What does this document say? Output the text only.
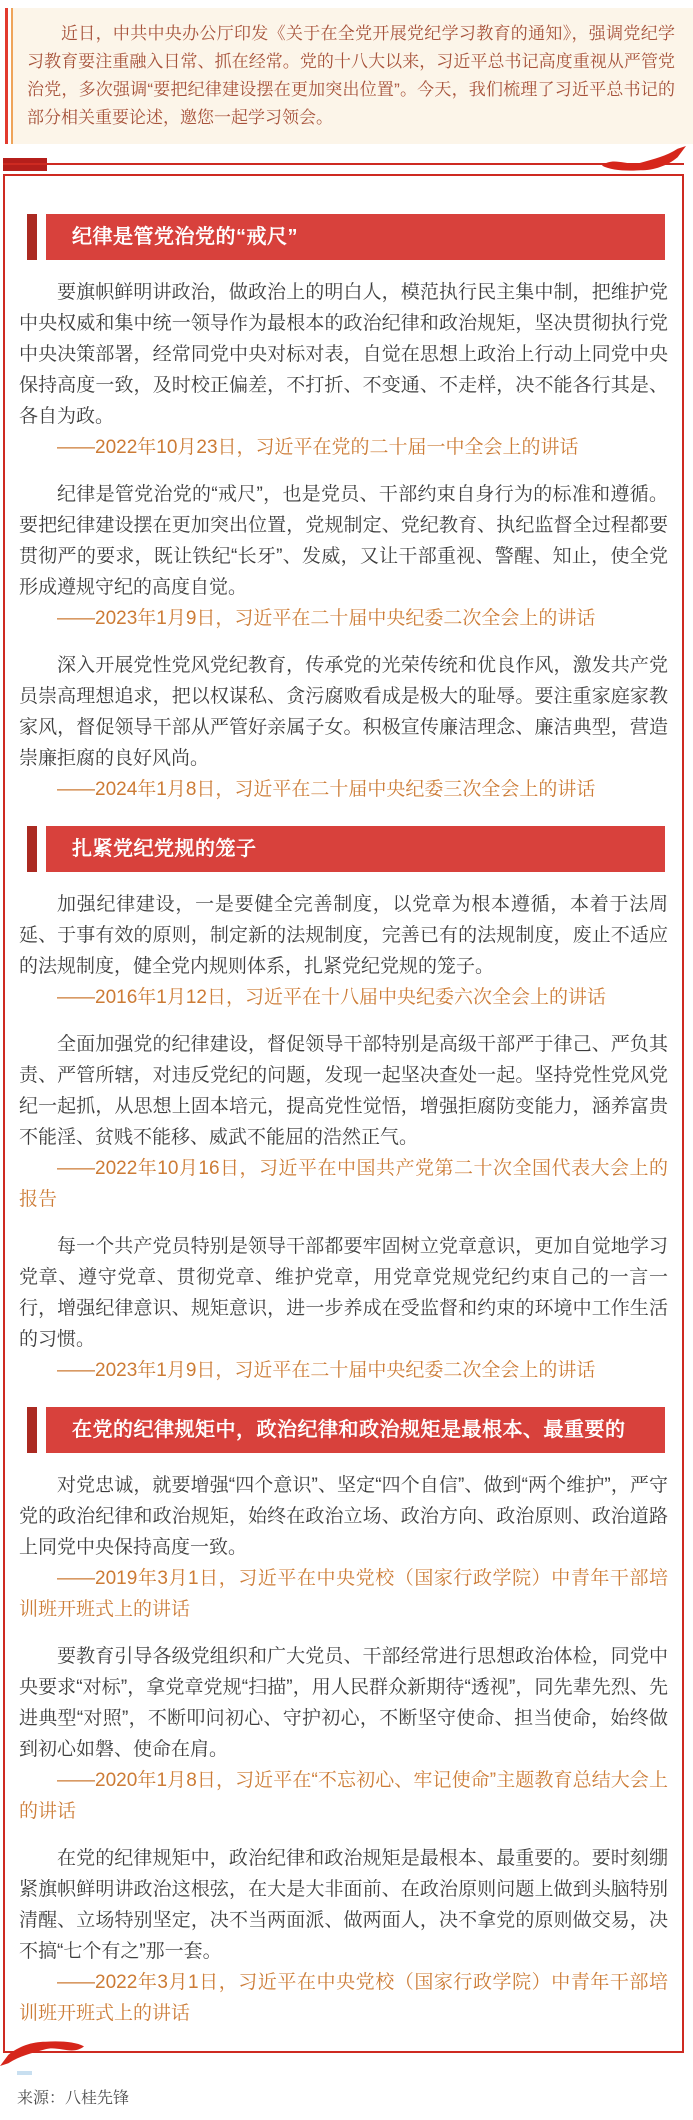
近日，中共中央办公厅印发《关于在全党开展党纪学习教育的通知》，强调党纪学习教育要注重融入日常、抓在经常。党的十八大以来，习近平总书记高度重视从严管党治党，多次强调“要把纪律建设摆在更加突出位置”。今天，我们梳理了习近平总书记的部分相关重要论述，邀您一起学习领会。

纪律是管党治党的“戒尺”

要旗帜鲜明讲政治，做政治上的明白人，模范执行民主集中制，把维护党中央权威和集中统一领导作为最根本的政治纪律和政治规矩，坚决贯彻执行党中央决策部署，经常同党中央对标对表，自觉在思想上政治上行动上同党中央保持高度一致，及时校正偏差，不打折、不变通、不走样，决不能各行其是、各自为政。

——2022年10月23日，习近平在党的二十届一中全会上的讲话

纪律是管党治党的“戒尺”，也是党员、干部约束自身行为的标准和遵循。要把纪律建设摆在更加突出位置，党规制定、党纪教育、执纪监督全过程都要贯彻严的要求，既让铁纪“长牙”、发威，又让干部重视、警醒、知止，使全党形成遵规守纪的高度自觉。

——2023年1月9日，习近平在二十届中央纪委二次全会上的讲话

深入开展党性党风党纪教育，传承党的光荣传统和优良作风，激发共产党员崇高理想追求，把以权谋私、贪污腐败看成是极大的耻辱。要注重家庭家教家风，督促领导干部从严管好亲属子女。积极宣传廉洁理念、廉洁典型，营造崇廉拒腐的良好风尚。

——2024年1月8日，习近平在二十届中央纪委三次全会上的讲话

扎紧党纪党规的笼子

加强纪律建设，一是要健全完善制度，以党章为根本遵循，本着于法周延、于事有效的原则，制定新的法规制度，完善已有的法规制度，废止不适应的法规制度，健全党内规则体系，扎紧党纪党规的笼子。

——2016年1月12日，习近平在十八届中央纪委六次全会上的讲话

全面加强党的纪律建设，督促领导干部特别是高级干部严于律己、严负其责、严管所辖，对违反党纪的问题，发现一起坚决查处一起。坚持党性党风党纪一起抓，从思想上固本培元，提高党性觉悟，增强拒腐防变能力，涵养富贵不能淫、贫贱不能移、威武不能屈的浩然正气。

——2022年10月16日，习近平在中国共产党第二十次全国代表大会上的报告

每一个共产党员特别是领导干部都要牢固树立党章意识，更加自觉地学习党章、遵守党章、贯彻党章、维护党章，用党章党规党纪约束自己的一言一行，增强纪律意识、规矩意识，进一步养成在受监督和约束的环境中工作生活的习惯。

——2023年1月9日，习近平在二十届中央纪委二次全会上的讲话

在党的纪律规矩中，政治纪律和政治规矩是最根本、最重要的

对党忠诚，就要增强“四个意识”、坚定“四个自信”、做到“两个维护”，严守党的政治纪律和政治规矩，始终在政治立场、政治方向、政治原则、政治道路上同党中央保持高度一致。

——2019年3月1日，习近平在中央党校（国家行政学院）中青年干部培训班开班式上的讲话

要教育引导各级党组织和广大党员、干部经常进行思想政治体检，同党中央要求“对标”，拿党章党规“扫描”，用人民群众新期待“透视”，同先辈先烈、先进典型“对照”，不断叩问初心、守护初心，不断坚守使命、担当使命，始终做到初心如磐、使命在肩。

——2020年1月8日，习近平在“不忘初心、牢记使命”主题教育总结大会上的讲话

在党的纪律规矩中，政治纪律和政治规矩是最根本、最重要的。要时刻绷紧旗帜鲜明讲政治这根弦，在大是大非面前、在政治原则问题上做到头脑特别清醒、立场特别坚定，决不当两面派、做两面人，决不拿党的原则做交易，决不搞“七个有之”那一套。

——2022年3月1日，习近平在中央党校（国家行政学院）中青年干部培训班开班式上的讲话

来源：八桂先锋
